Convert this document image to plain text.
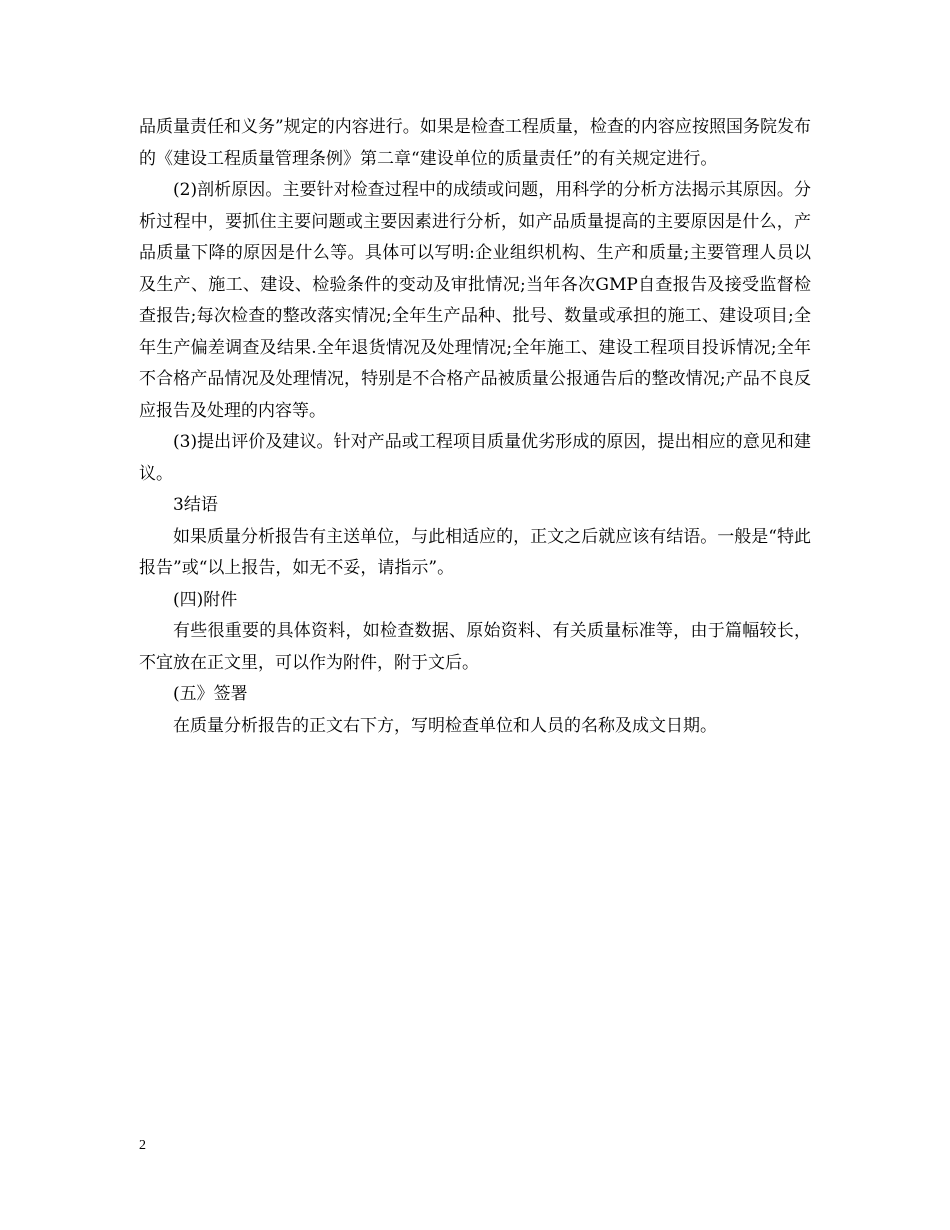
品质量责任和义务”规定的内容进行。如果是检查工程质量，检查的内容应按照国务院发布的《建设工程质量管理条例》第二章“建设单位的质量责任”的有关规定进行。

(2)剖析原因。主要针对检查过程中的成绩或问题，用科学的分析方法揭示其原因。分析过程中，要抓住主要问题或主要因素进行分析，如产品质量提高的主要原因是什么，产品质量下降的原因是什么等。具体可以写明:企业组织机构、生产和质量;主要管理人员以及生产、施工、建设、检验条件的变动及审批情况;当年各次GMP自查报告及接受监督检查报告;每次检查的整改落实情况;全年生产品种、批号、数量或承担的施工、建设项目;全年生产偏差调查及结果.全年退货情况及处理情况;全年施工、建设工程项目投诉情况;全年不合格产品情况及处理情况，特别是不合格产品被质量公报通告后的整改情况;产品不良反应报告及处理的内容等。

(3)提出评价及建议。针对产品或工程项目质量优劣形成的原因，提出相应的意见和建议。

3结语

如果质量分析报告有主送单位，与此相适应的，正文之后就应该有结语。一般是“特此报告”或“以上报告，如无不妥，请指示”。

(四)附件

有些很重要的具体资料，如检查数据、原始资料、有关质量标准等，由于篇幅较长，不宜放在正文里，可以作为附件，附于文后。

(五》签署

在质量分析报告的正文右下方，写明检查单位和人员的名称及成文日期。

2
